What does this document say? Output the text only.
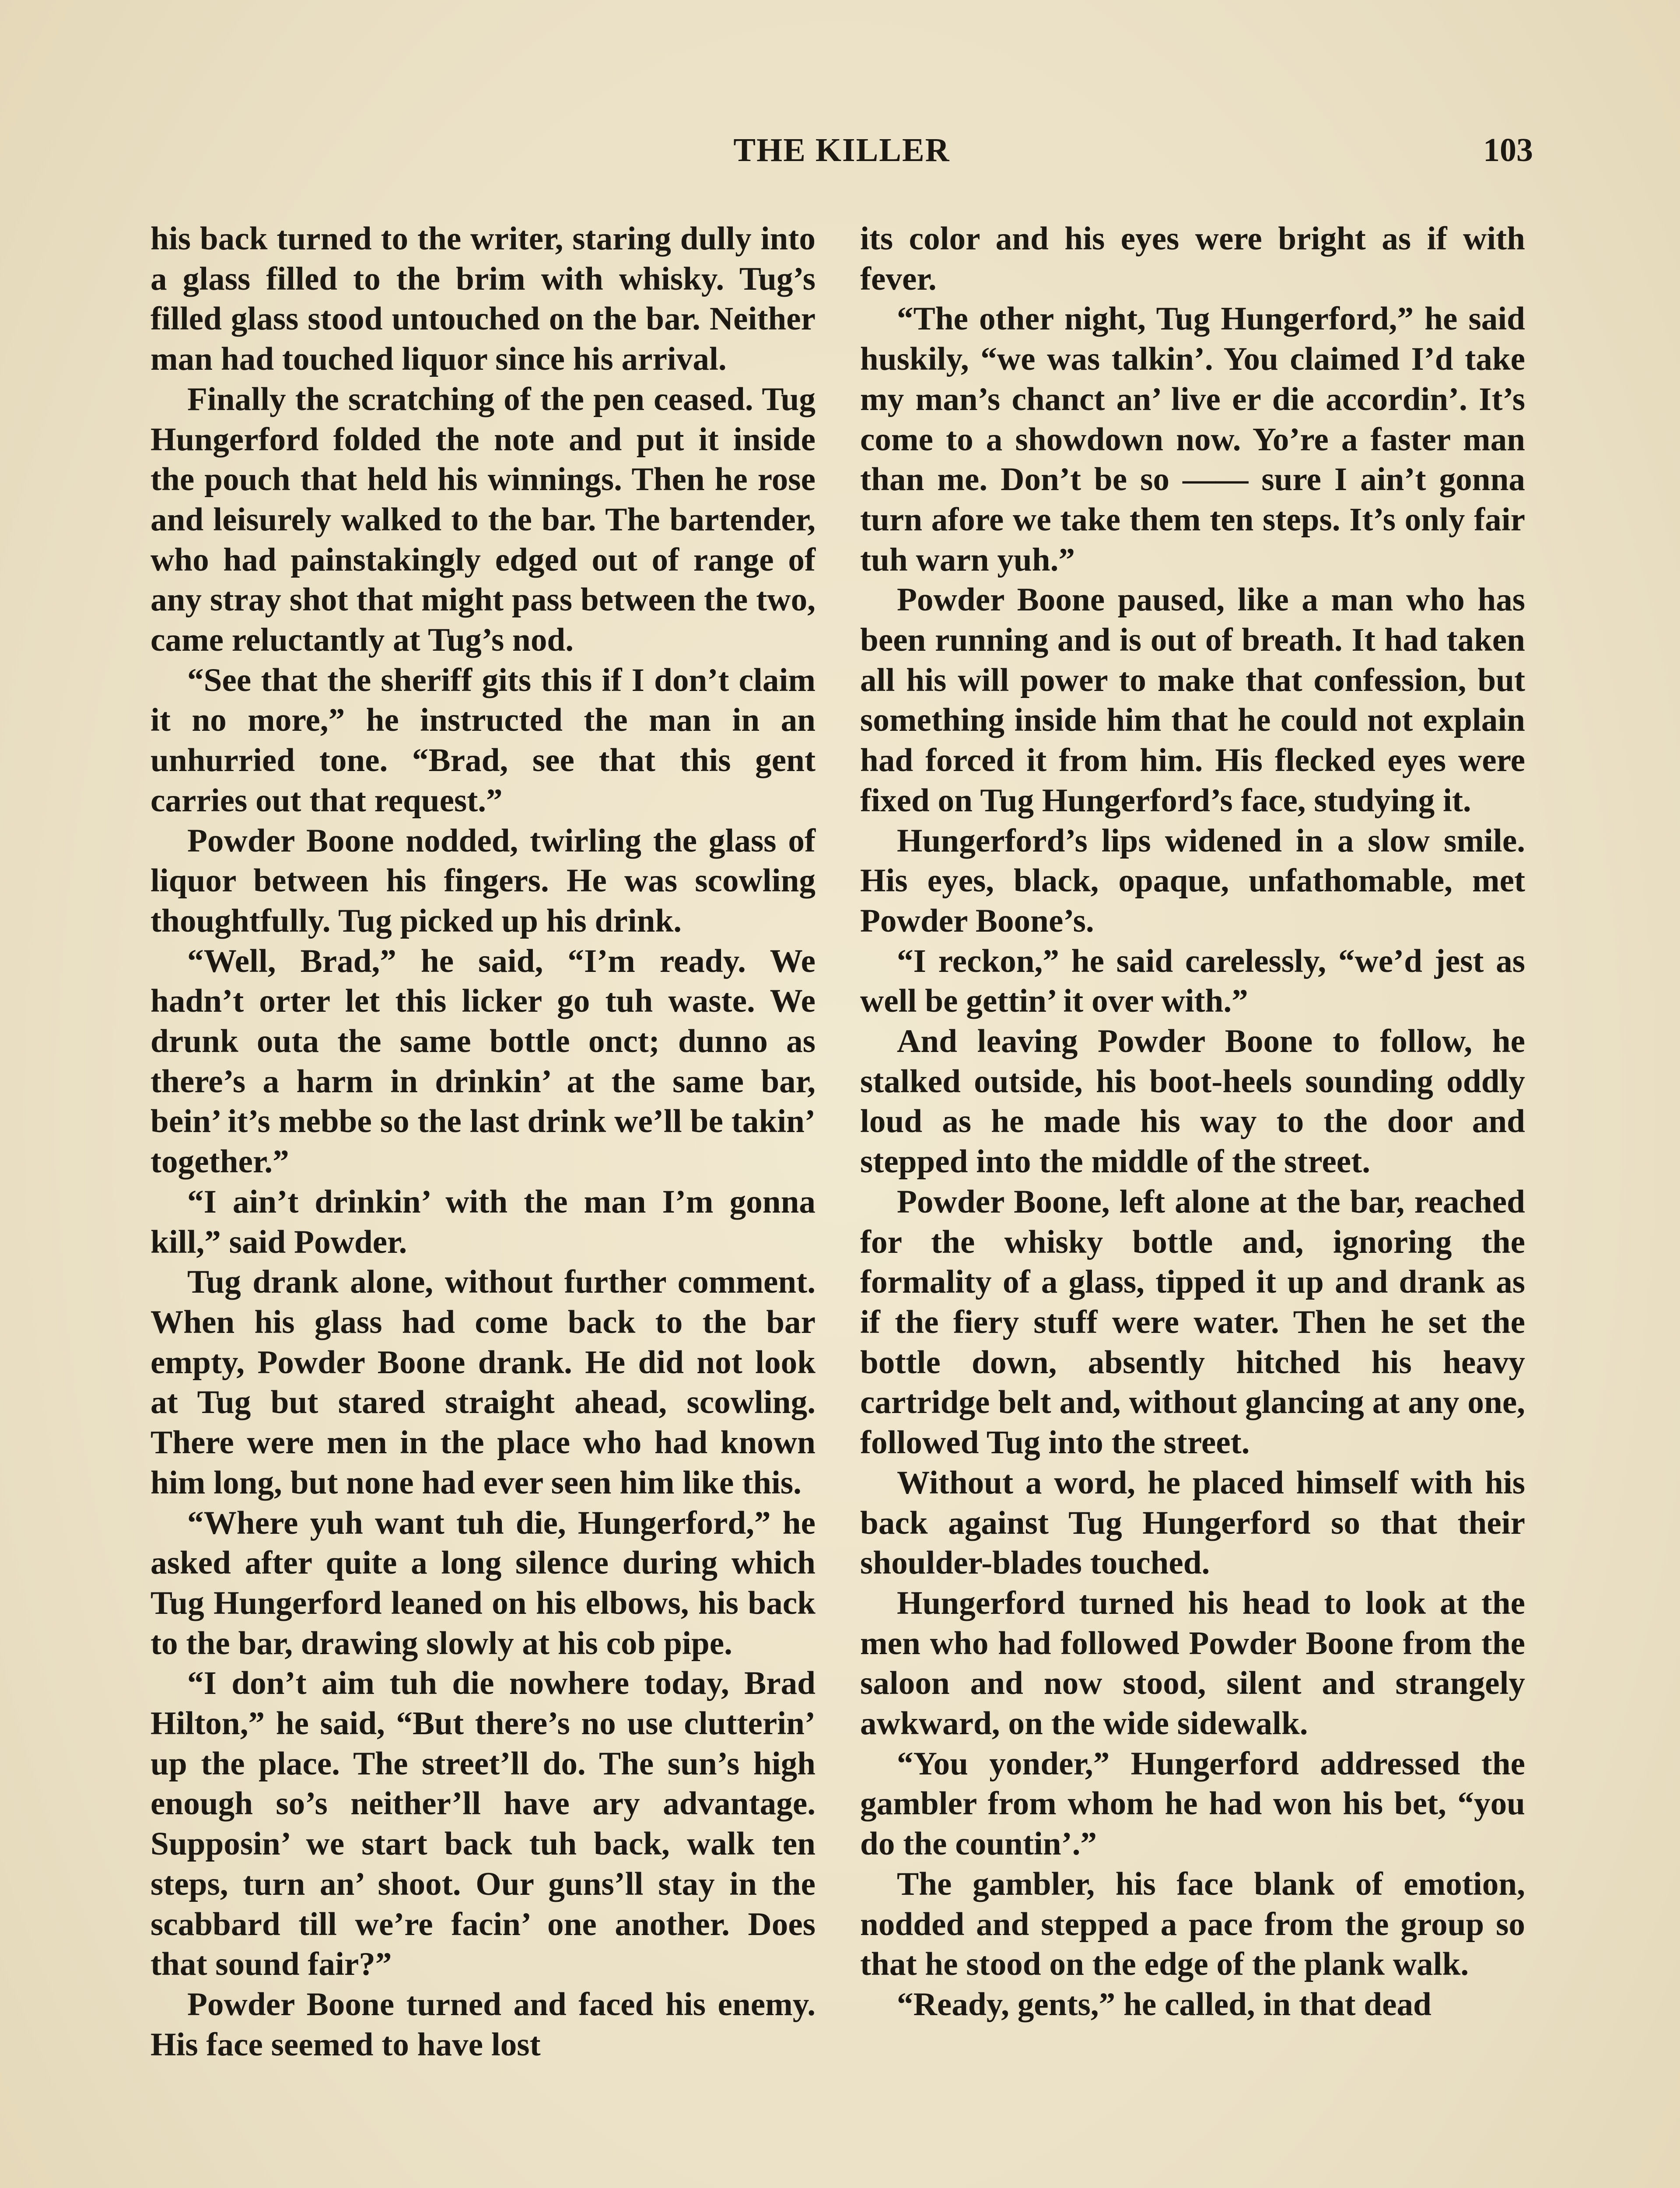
THE KILLER	103

his back turned to the writer, staring dully into a glass filled to the brim with whisky. Tug’s filled glass stood untouched on the bar. Neither man had touched liquor since his arrival.

Finally the scratching of the pen ceased. Tug Hungerford folded the note and put it inside the pouch that held his winnings. Then he rose and leisurely walked to the bar. The bartender, who had painstakingly edged out of range of any stray shot that might pass between the two, came reluctantly at Tug’s nod.

“See that the sheriff gits this if I don’t claim it no more,” he instructed the man in an unhurried tone. “Brad, see that this gent carries out that request.”

Powder Boone nodded, twirling the glass of liquor between his fingers. He was scowling thoughtfully. Tug picked up his drink.

“Well, Brad,” he said, “I’m ready. We hadn’t orter let this licker go tuh waste. We drunk outa the same bottle onct; dunno as there’s a harm in drinkin’ at the same bar, bein’ it’s mebbe so the last drink we’ll be takin’ together.”

“I ain’t drinkin’ with the man I’m gonna kill,” said Powder.

Tug drank alone, without further comment. When his glass had come back to the bar empty, Powder Boone drank. He did not look at Tug but stared straight ahead, scowling. There were men in the place who had known him long, but none had ever seen him like this.

“Where yuh want tuh die, Hungerford,” he asked after quite a long silence during which Tug Hungerford leaned on his elbows, his back to the bar, drawing slowly at his cob pipe.

“I don’t aim tuh die nowhere today, Brad Hilton,” he said, “But there’s no use clutterin’ up the place. The street’ll do. The sun’s high enough so’s neither’ll have ary advantage. Supposin’ we start back tuh back, walk ten steps, turn an’ shoot. Our guns’ll stay in the scabbard till we’re facin’ one another. Does that sound fair?”

Powder Boone turned and faced his enemy. His face seemed to have lost

its color and his eyes were bright as if with fever.

“The other night, Tug Hungerford,” he said huskily, “we was talkin’. You claimed I’d take my man’s chanct an’ live er die accordin’. It’s come to a showdown now. Yo’re a faster man than me. Don’t be so —— sure I ain’t gonna turn afore we take them ten steps. It’s only fair tuh warn yuh.”

Powder Boone paused, like a man who has been running and is out of breath. It had taken all his will power to make that confession, but something inside him that he could not explain had forced it from him. His flecked eyes were fixed on Tug Hungerford’s face, studying it.

Hungerford’s lips widened in a slow smile. His eyes, black, opaque, unfathomable, met Powder Boone’s.

“I reckon,” he said carelessly, “we’d jest as well be gettin’ it over with.”

And leaving Powder Boone to follow, he stalked outside, his boot-heels sounding oddly loud as he made his way to the door and stepped into the middle of the street.

Powder Boone, left alone at the bar, reached for the whisky bottle and, ignoring the formality of a glass, tipped it up and drank as if the fiery stuff were water. Then he set the bottle down, absently hitched his heavy cartridge belt and, without glancing at any one, followed Tug into the street.

Without a word, he placed himself with his back against Tug Hungerford so that their shoulder-blades touched.

Hungerford turned his head to look at the men who had followed Powder Boone from the saloon and now stood, silent and strangely awkward, on the wide sidewalk.

“You yonder,” Hungerford addressed the gambler from whom he had won his bet, “you do the countin’.”

The gambler, his face blank of emotion, nodded and stepped a pace from the group so that he stood on the edge of the plank walk.

“Ready, gents,” he called, in that dead
